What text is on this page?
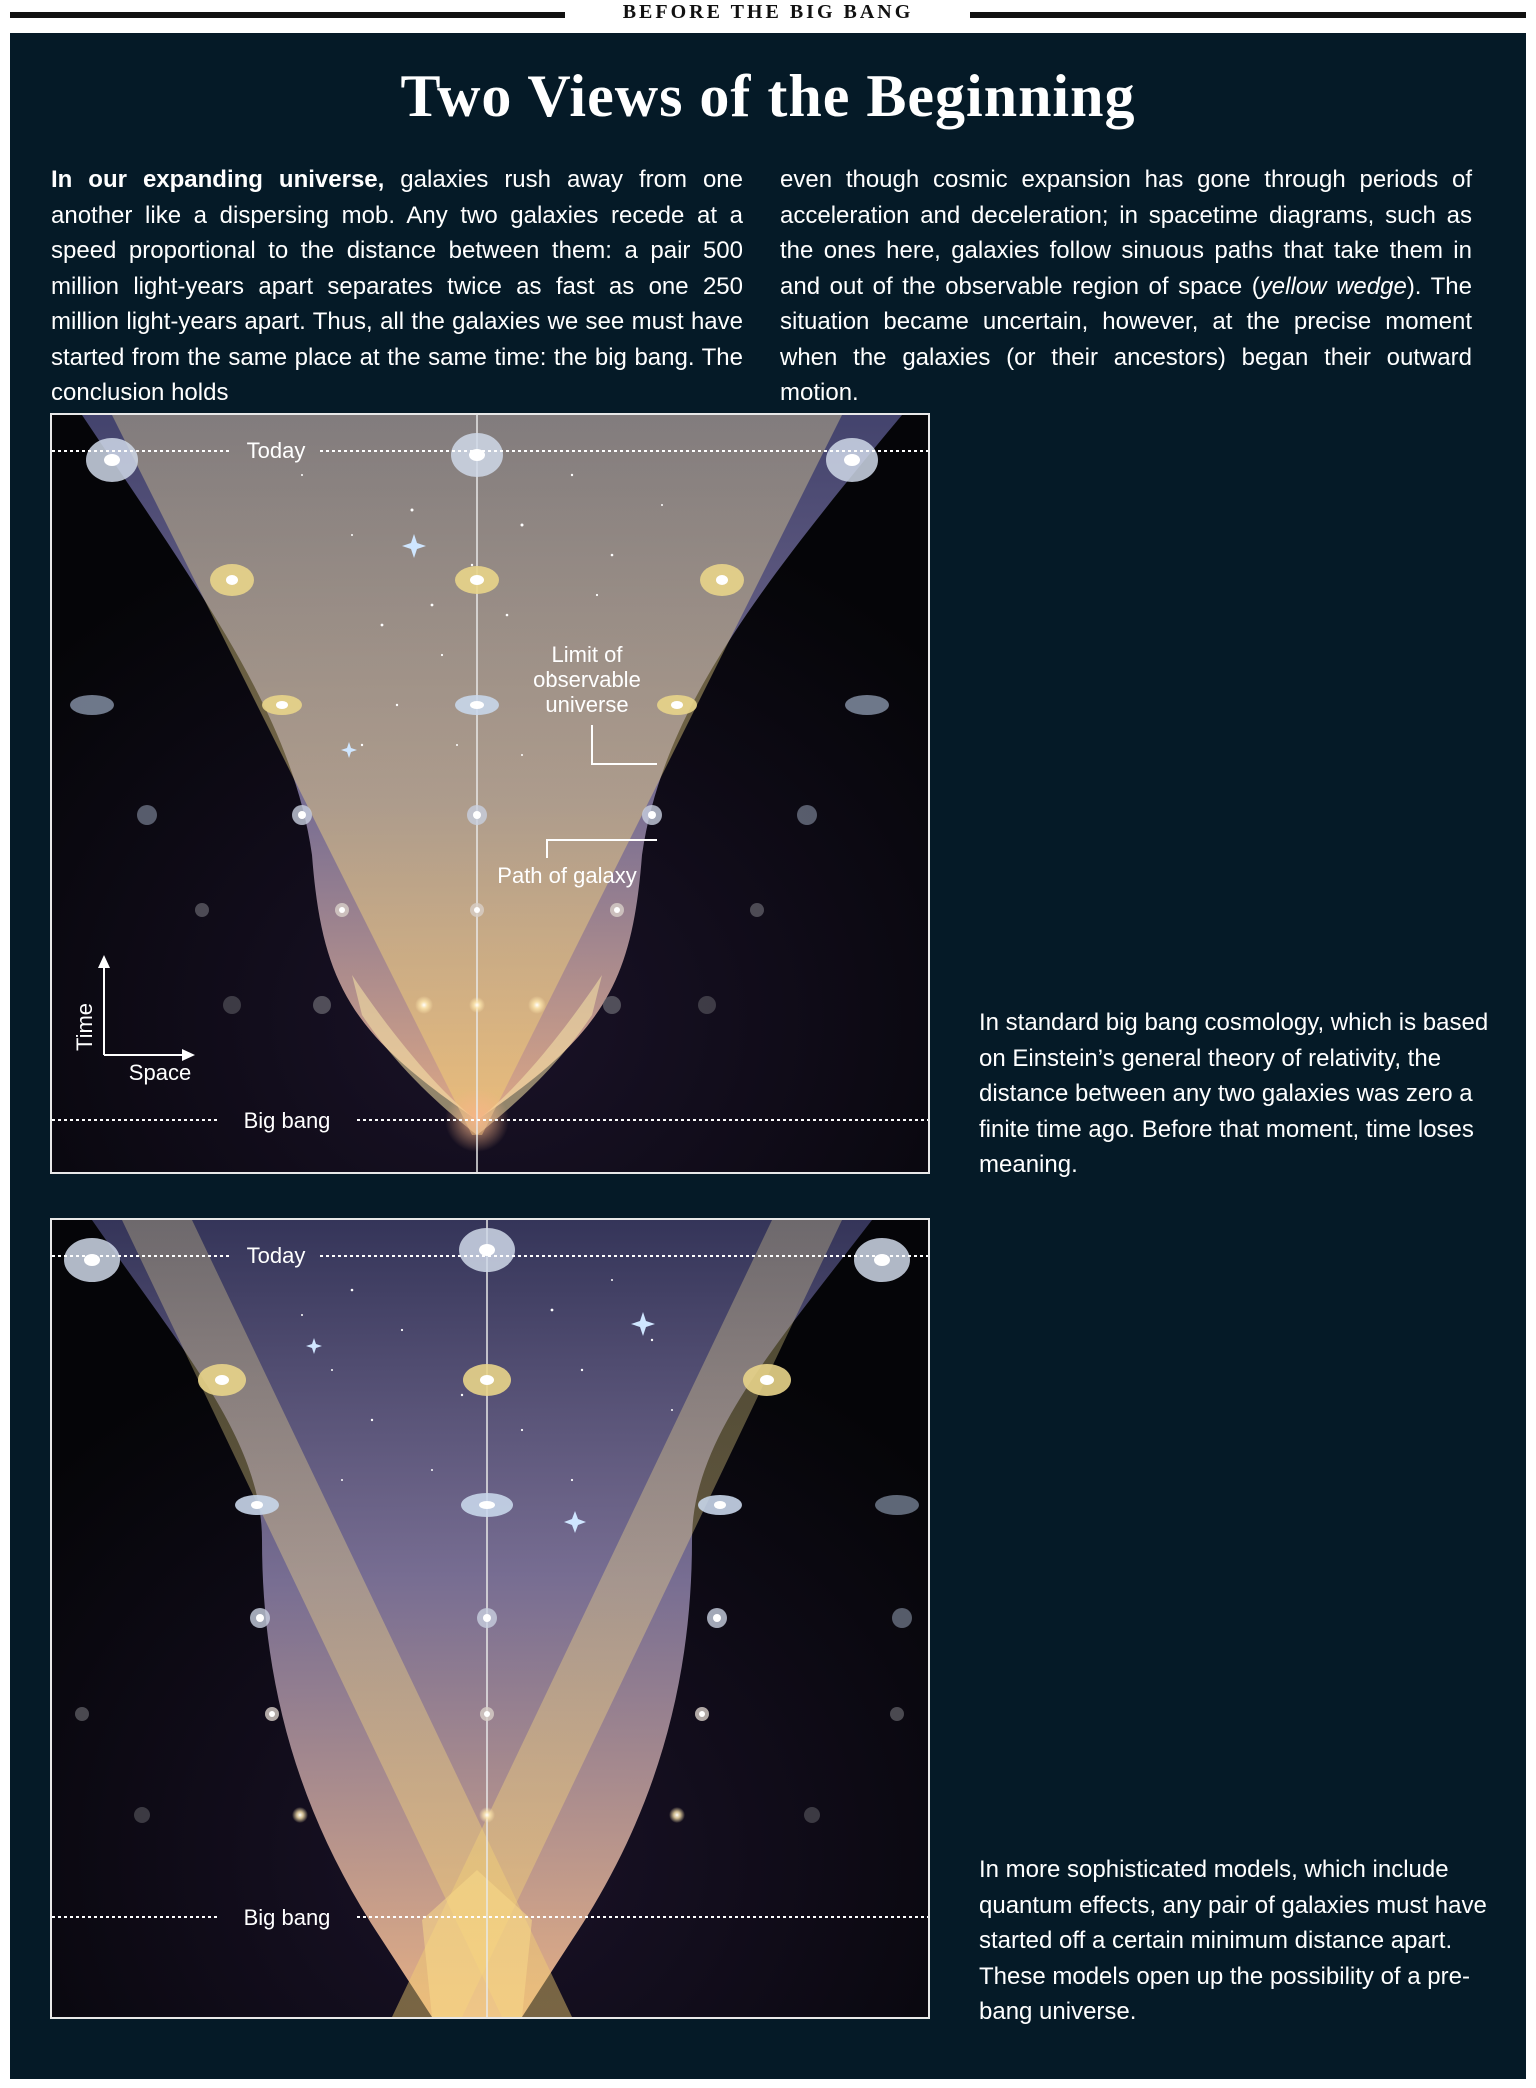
BEFORE THE BIG BANG
Two Views of the Beginning

In our expanding universe, galaxies rush away from one another like a dispersing mob. Any two galaxies recede at a speed proportional to the distance between them: a pair 500 million light-years apart separates twice as fast as one 250 million light-years apart. Thus, all the galaxies we see must have started from the same place at the same time: the big bang. The conclusion holds

even though cosmic expansion has gone through periods of acceleration and deceleration; in spacetime diagrams, such as the ones here, galaxies follow sinuous paths that take them in and out of the observable region of space (yellow wedge). The situation became uncertain, however, at the precise moment when the galaxies (or their ancestors) began their outward motion.

Today
Big bang
Limit of
observable
universe
Path of galaxy
Time
Space

In standard big bang cosmology, which is based on Einstein’s general theory of relativity, the distance between any two galaxies was zero a finite time ago. Before that moment, time loses meaning.

Today
Big bang

In more sophisticated models, which include quantum effects, any pair of galaxies must have started off a certain minimum distance apart. These models open up the possibility of a pre-bang universe.
